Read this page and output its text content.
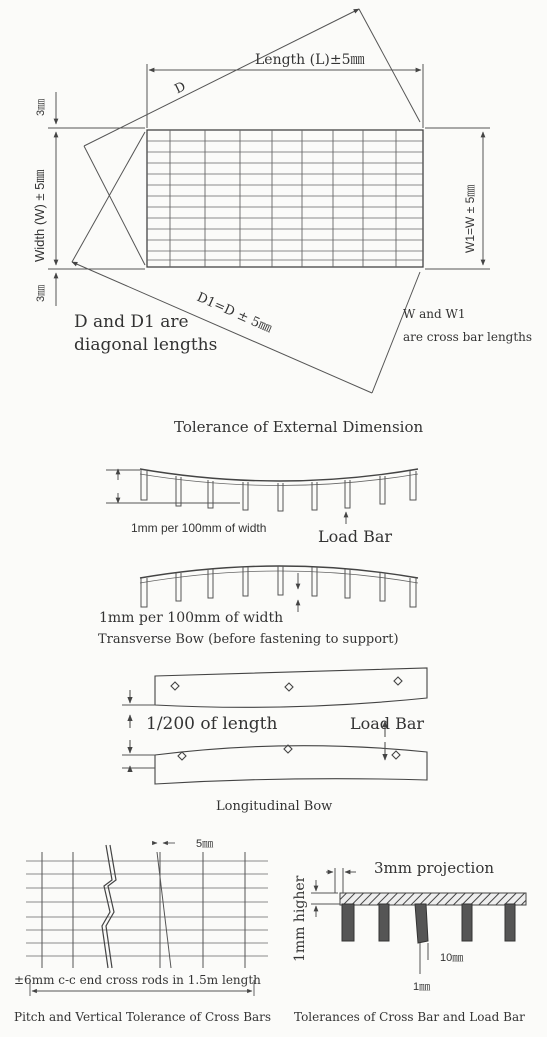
Length (L)±5㎜
D
Width (W) ± 5㎜
3㎜
3㎜
W1=W ± 5㎜
D1=D ± 5㎜
D and D1 are
diagonal lengths
W and W1
are cross bar lengths
Tolerance of External Dimension
1mm per 100mm of width	Load Bar
1mm per 100mm of width
Transverse Bow (before fastening to support)
1/200 of length	Load Bar
Longitudinal Bow
5㎜
±6mm c-c end cross rods in 1.5m length
Pitch and Vertical Tolerance of Cross Bars
3mm projection
1mm higher	10㎜
1㎜
Tolerances of Cross Bar and Load Bar
